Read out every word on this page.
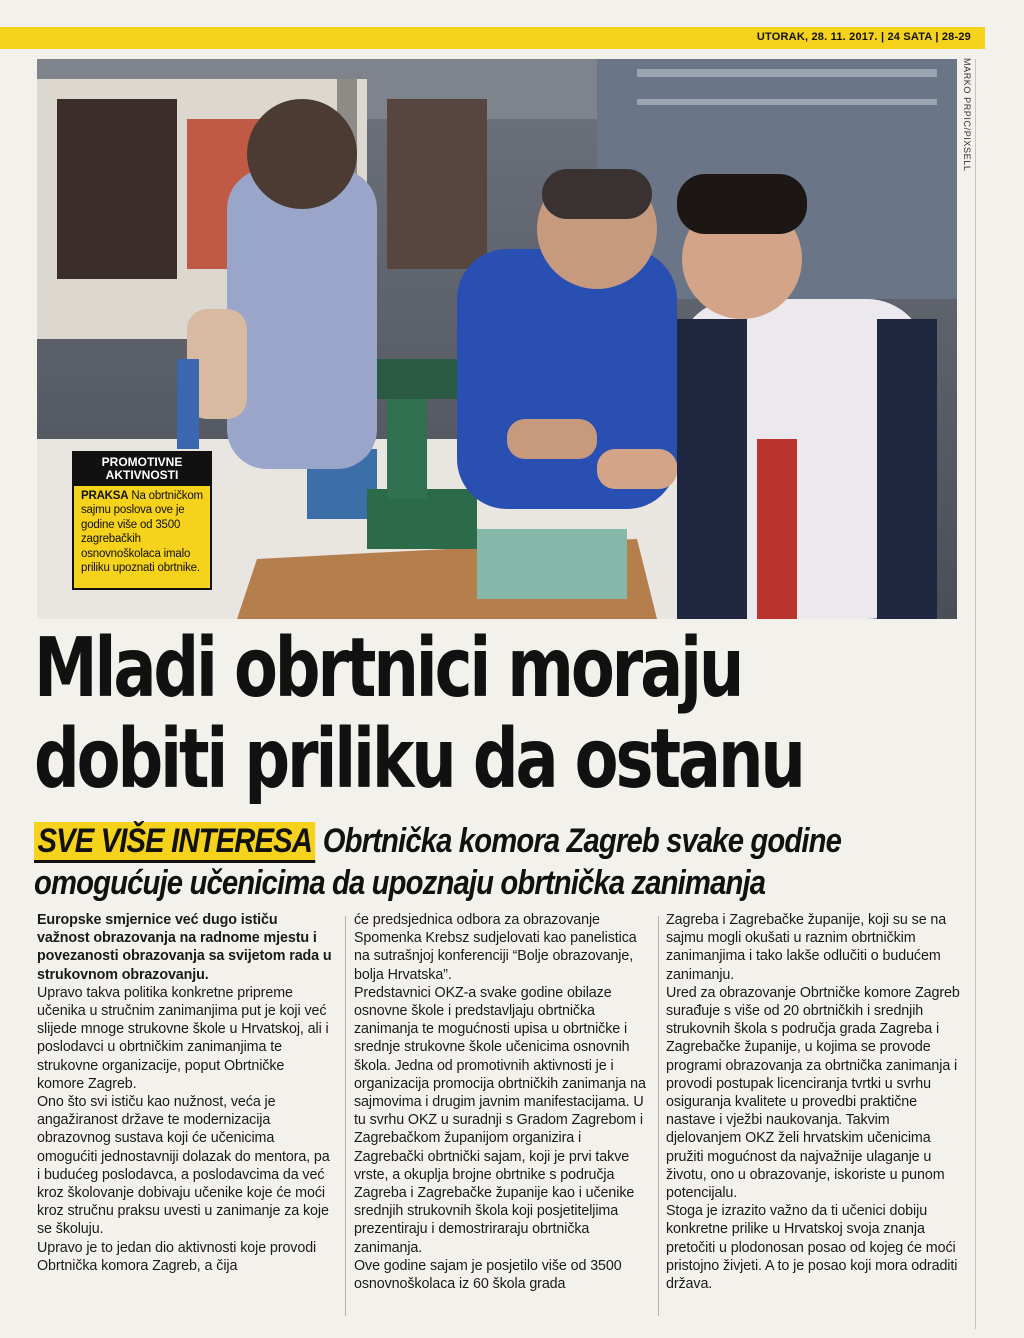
UTORAK, 28. 11. 2017. | 24 SATA | 28-29
MARKO PRPIC/PIXSELL
PROMOTIVNE
AKTIVNOSTI
PRAKSA Na obrtničkom sajmu poslova ove je godine više od 3500 zagrebačkih osnovnoškolaca imalo priliku upoznati obrtnike.
Mladi obrtnici moraju
dobiti priliku da ostanu
SVE VIŠE INTERESA Obrtnička komora Zagreb svake godine
omogućuje učenicima da upoznaju obrtnička zanimanja

Europske smjernice već dugo ističu važnost obrazovanja na radnome mjestu i povezanosti obrazovanja sa svijetom rada u strukovnom obrazovanju.

Upravo takva politika konkretne pripreme učenika u stručnim zanimanjima put je koji već slijede mnoge strukovne škole u Hrvatskoj, ali i poslodavci u obrtničkim zanimanjima te strukovne organizacije, poput Obrtničke komore Zagreb.

Ono što svi ističu kao nužnost, veća je angažiranost države te modernizacija obrazovnog sustava koji će učenicima omogućiti jednostavniji dolazak do mentora, pa i budućeg poslodavca, a poslodavcima da već kroz školovanje dobivaju učenike koje će moći kroz stručnu praksu uvesti u zanimanje za koje se školuju.

Upravo je to jedan dio aktivnosti koje provodi Obrtnička komora Zagreb, a čija

će predsjednica odbora za obrazovanje Spomenka Krebsz sudjelovati kao panelistica na sutrašnjoj konferenciji “Bolje obrazovanje, bolja Hrvatska”.

Predstavnici OKZ-a svake godine obilaze osnovne škole i predstavljaju obrtnička zanimanja te mogućnosti upisa u obrtničke i srednje strukovne škole učenicima osnovnih škola. Jedna od promotivnih aktivnosti je i organizacija promocija obrtničkih zanimanja na sajmovima i drugim javnim manifestacijama. U tu svrhu OKZ u suradnji s Gradom Zagrebom i Zagrebačkom županijom organizira i Zagrebački obrtnički sajam, koji je prvi takve vrste, a okuplja brojne obrtnike s područja Zagreba i Zagrebačke županije kao i učenike srednjih strukovnih škola koji posjetiteljima prezentiraju i demostriraraju obrtnička zanimanja.

Ove godine sajam je posjetilo više od 3500 osnovnoškolaca iz 60 škola grada

Zagreba i Zagrebačke županije, koji su se na sajmu mogli okušati u raznim obrtničkim zanimanjima i tako lakše odlučiti o budućem zanimanju.

Ured za obrazovanje Obrtničke komore Zagreb surađuje s više od 20 obrtničkih i srednjih strukovnih škola s područja grada Zagreba i Zagrebačke županije, u kojima se provode programi obrazovanja za obrtnička zanimanja i provodi postupak licenciranja tvrtki u svrhu osiguranja kvalitete u provedbi praktične nastave i vježbi naukovanja. Takvim djelovanjem OKZ želi hrvatskim učenicima pružiti mogućnost da najvažnije ulaganje u životu, ono u obrazovanje, iskoriste u punom potencijalu.

Stoga je izrazito važno da ti učenici dobiju konkretne prilike u Hrvatskoj svoja znanja pretočiti u plodonosan posao od kojeg će moći pristojno živjeti. A to je posao koji mora odraditi država.
